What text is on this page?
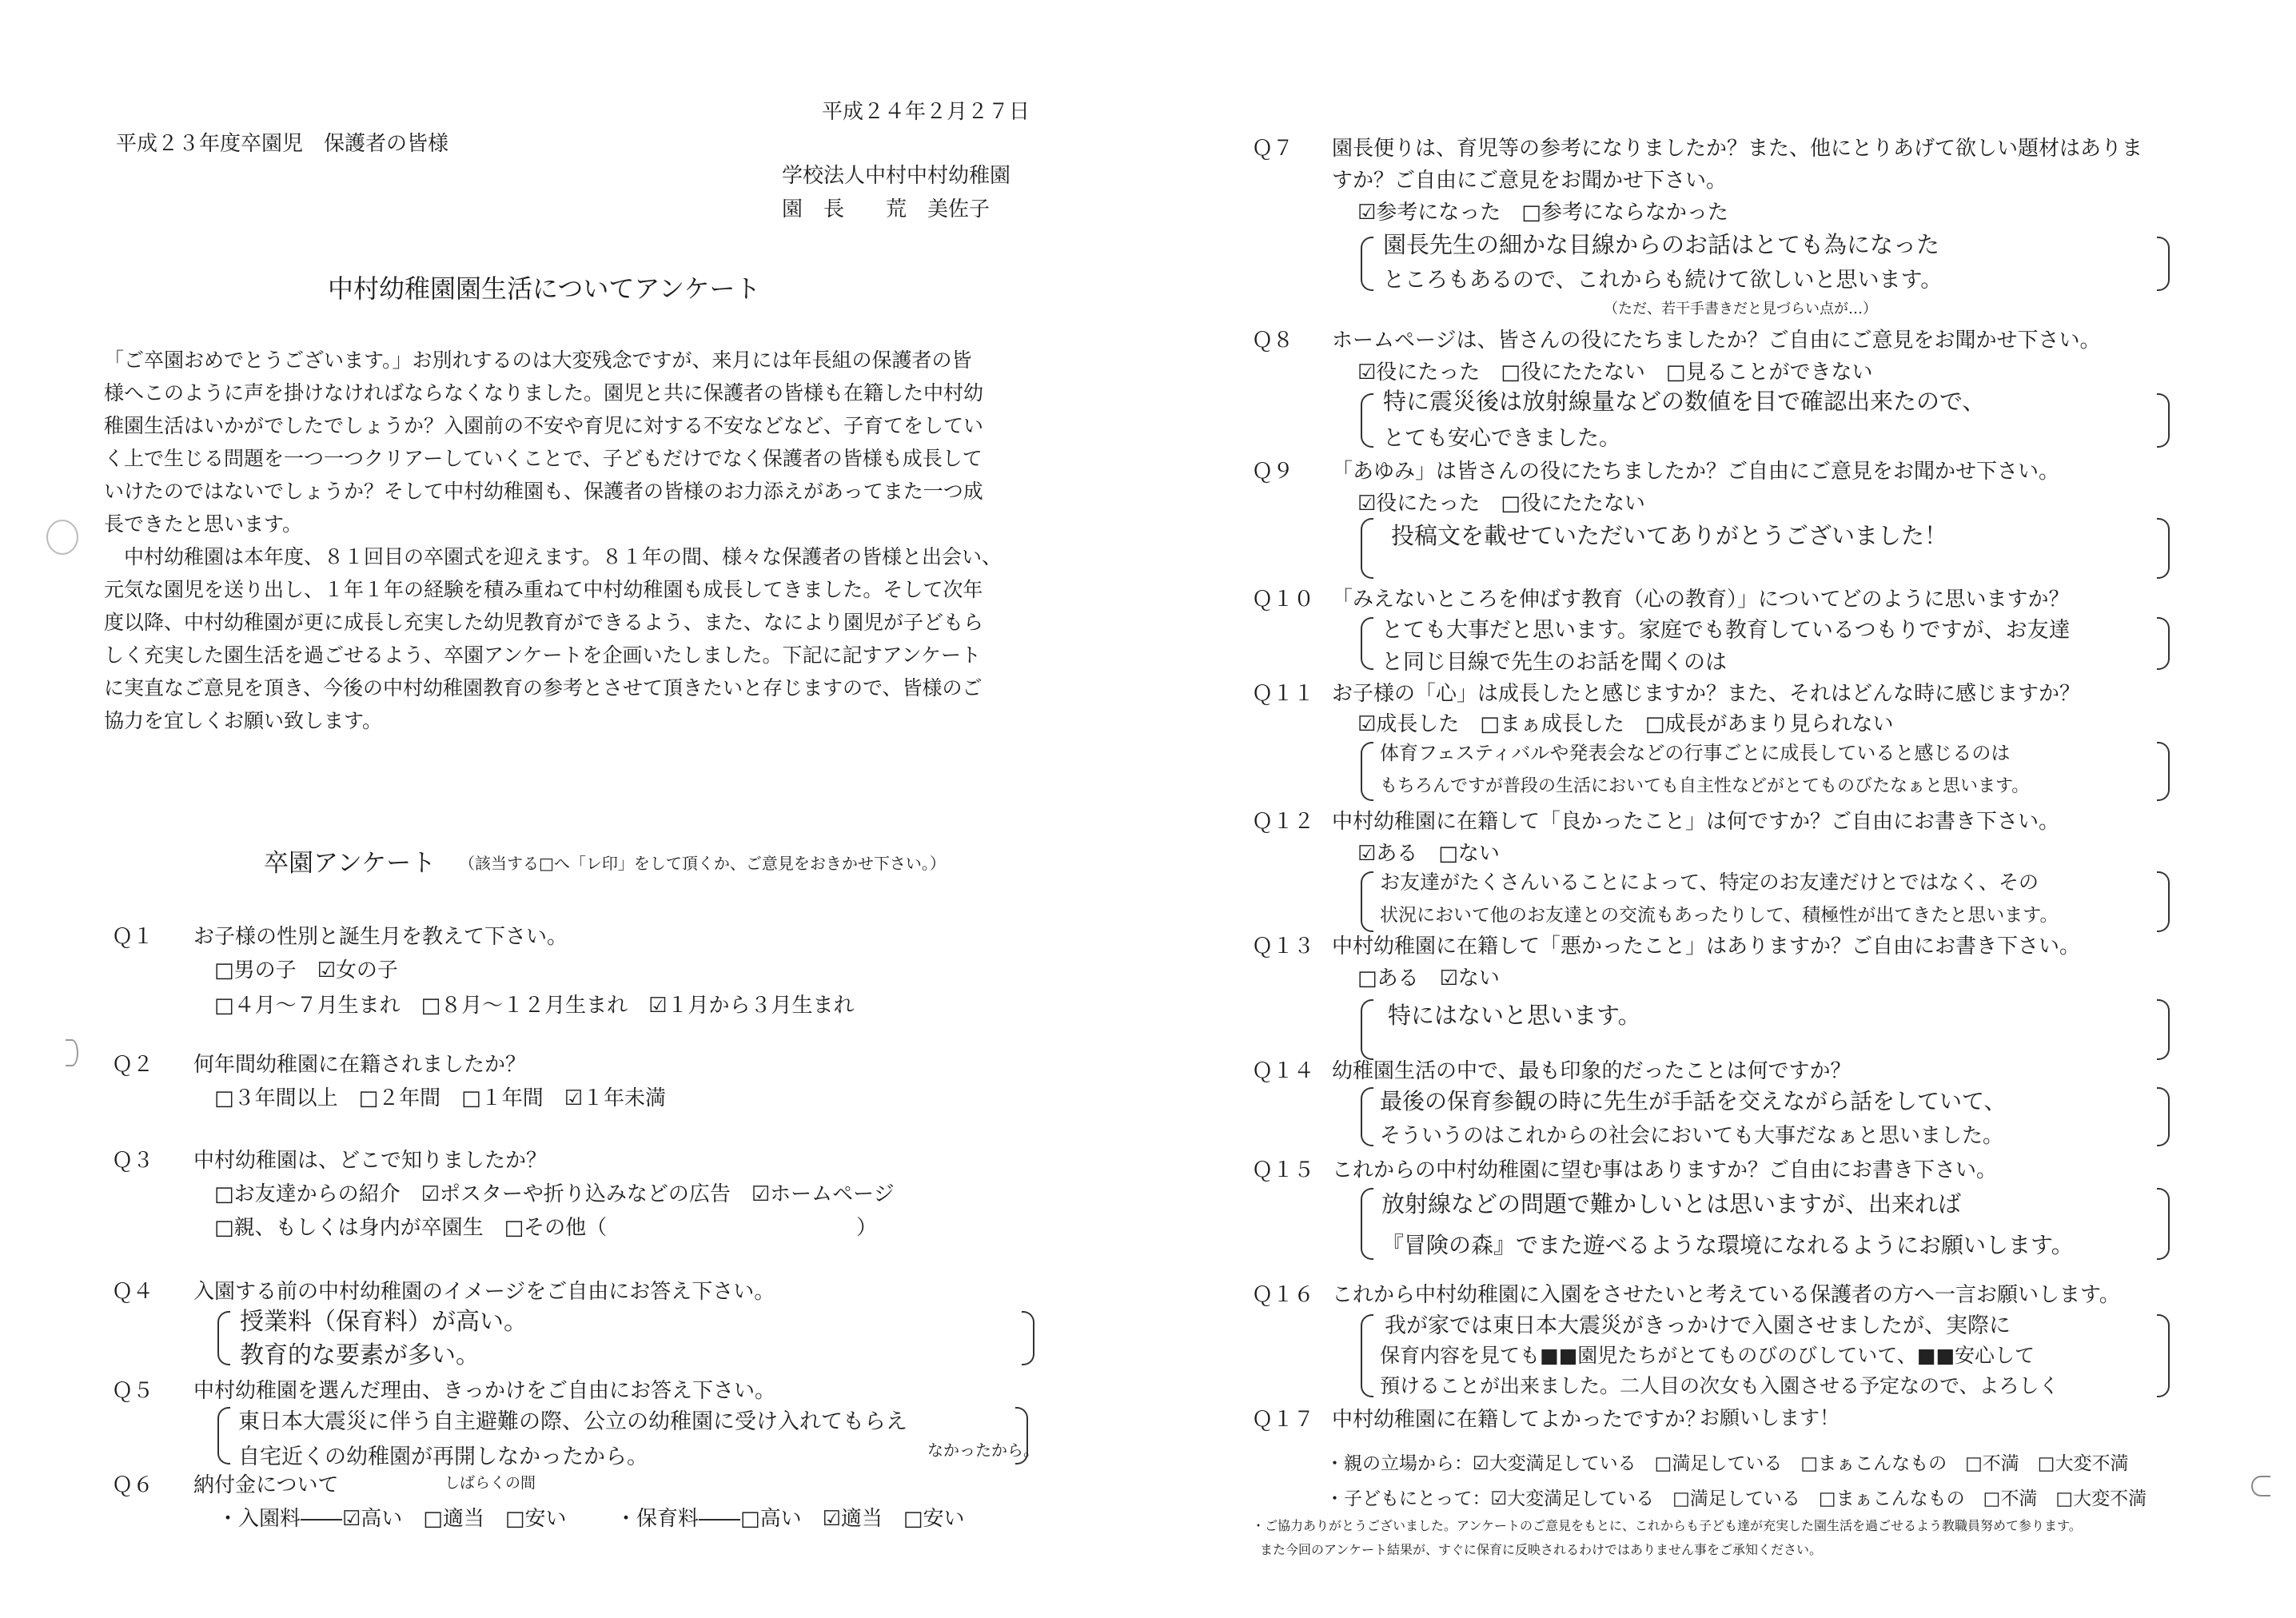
平成２４年２月２７日
平成２３年度卒園児　保護者の皆様
学校法人中村中村幼稚園
園　長　　荒　美佐子
中村幼稚園園生活についてアンケート
「ご卒園おめでとうございます。」お別れするのは大変残念ですが、来月には年長組の保護者の皆
様へこのように声を掛けなければならなくなりました。園児と共に保護者の皆様も在籍した中村幼
稚園生活はいかがでしたでしょうか？入園前の不安や育児に対する不安などなど、子育てをしてい
く上で生じる問題を一つ一つクリアーしていくことで、子どもだけでなく保護者の皆様も成長して
いけたのではないでしょうか？そして中村幼稚園も、保護者の皆様のお力添えがあってまた一つ成
長できたと思います。
　中村幼稚園は本年度、８１回目の卒園式を迎えます。８１年の間、様々な保護者の皆様と出会い、
元気な園児を送り出し、１年１年の経験を積み重ねて中村幼稚園も成長してきました。そして次年
度以降、中村幼稚園が更に成長し充実した幼児教育ができるよう、また、なにより園児が子どもら
しく充実した園生活を過ごせるよう、卒園アンケートを企画いたしました。下記に記すアンケート
に実直なご意見を頂き、今後の中村幼稚園教育の参考とさせて頂きたいと存じますので、皆様のご
協力を宜しくお願い致します。
卒園アンケート （該当する□へ「レ印」をして頂くか、ご意見をおきかせ下さい。）
Ｑ１ お子様の性別と誕生月を教えて下さい。
□男の子　☑女の子
□４月～７月生まれ　□８月～１２月生まれ　☑１月から３月生まれ
Ｑ２ 何年間幼稚園に在籍されましたか？
□３年間以上　□２年間　□１年間　☑１年未満
Ｑ３ 中村幼稚園は、どこで知りましたか？
□お友達からの紹介　☑ポスターや折り込みなどの広告　☑ホームページ
□親、もしくは身内が卒園生　□その他（　　　　　　　　　　　　）
Ｑ４ 入園する前の中村幼稚園のイメージをご自由にお答え下さい。
授業料（保育料）が高い。
教育的な要素が多い。
Ｑ５ 中村幼稚園を選んだ理由、きっかけをご自由にお答え下さい。
東日本大震災に伴う自主避難の際、公立の幼稚園に受け入れてもらえ
なかったから。
自宅近くの幼稚園が再開しなかったから。
Ｑ６ 納付金について	しばらくの間
・入園料――☑高い　□適当　□安い ・保育料――□高い　☑適当　□安い
Ｑ７ 園長便りは、育児等の参考になりましたか？また、他にとりあげて欲しい題材はありま
すか？ご自由にご意見をお聞かせ下さい。
☑参考になった　□参考にならなかった
園長先生の細かな目線からのお話はとても為になった
ところもあるので、これからも続けて欲しいと思います。
（ただ、若干手書きだと見づらい点が…）
Ｑ８ ホームページは、皆さんの役にたちましたか？ご自由にご意見をお聞かせ下さい。
☑役にたった　□役にたたない　□見ることができない
特に震災後は放射線量などの数値を目で確認出来たので、
とても安心できました。
Ｑ９ 「あゆみ」は皆さんの役にたちましたか？ご自由にご意見をお聞かせ下さい。
☑役にたった　□役にたたない
投稿文を載せていただいてありがとうございました！
Ｑ１０ 「みえないところを伸ばす教育（心の教育）」についてどのように思いますか？
とても大事だと思います。家庭でも教育しているつもりですが、お友達
と同じ目線で先生のお話を聞くのは
Ｑ１１ お子様の「心」は成長したと感じますか？また、それはどんな時に感じますか？
☑成長した　□まぁ成長した　□成長があまり見られない
体育フェスティバルや発表会などの行事ごとに成長していると感じるのは
もちろんですが普段の生活においても自主性などがとてものびたなぁと思います。
Ｑ１２ 中村幼稚園に在籍して「良かったこと」は何ですか？ご自由にお書き下さい。
☑ある　□ない
お友達がたくさんいることによって、特定のお友達だけとではなく、その
状況において他のお友達との交流もあったりして、積極性が出てきたと思います。
Ｑ１３ 中村幼稚園に在籍して「悪かったこと」はありますか？ご自由にお書き下さい。
□ある　☑ない
特にはないと思います。
Ｑ１４ 幼稚園生活の中で、最も印象的だったことは何ですか？
最後の保育参観の時に先生が手話を交えながら話をしていて、
そういうのはこれからの社会においても大事だなぁと思いました。
Ｑ１５ これからの中村幼稚園に望む事はありますか？ご自由にお書き下さい。
放射線などの問題で難かしいとは思いますが、出来れば
『冒険の森』でまた遊べるような環境になれるようにお願いします。
Ｑ１６ これから中村幼稚園に入園をさせたいと考えている保護者の方へ一言お願いします。
我が家では東日本大震災がきっかけで入園させましたが、実際に
保育内容を見ても■■園児たちがとてものびのびしていて、■■安心して
預けることが出来ました。二人目の次女も入園させる予定なので、よろしく
お願いします！
Ｑ１７ 中村幼稚園に在籍してよかったですか？
・親の立場から：☑大変満足している　□満足している　□まぁこんなもの　□不満　□大変不満
・子どもにとって：☑大変満足している　□満足している　□まぁこんなもの　□不満　□大変不満
・ご協力ありがとうございました。アンケートのご意見をもとに、これからも子ども達が充実した園生活を過ごせるよう教職員努めて参ります。
また今回のアンケート結果が、すぐに保育に反映されるわけではありません事をご承知ください。
